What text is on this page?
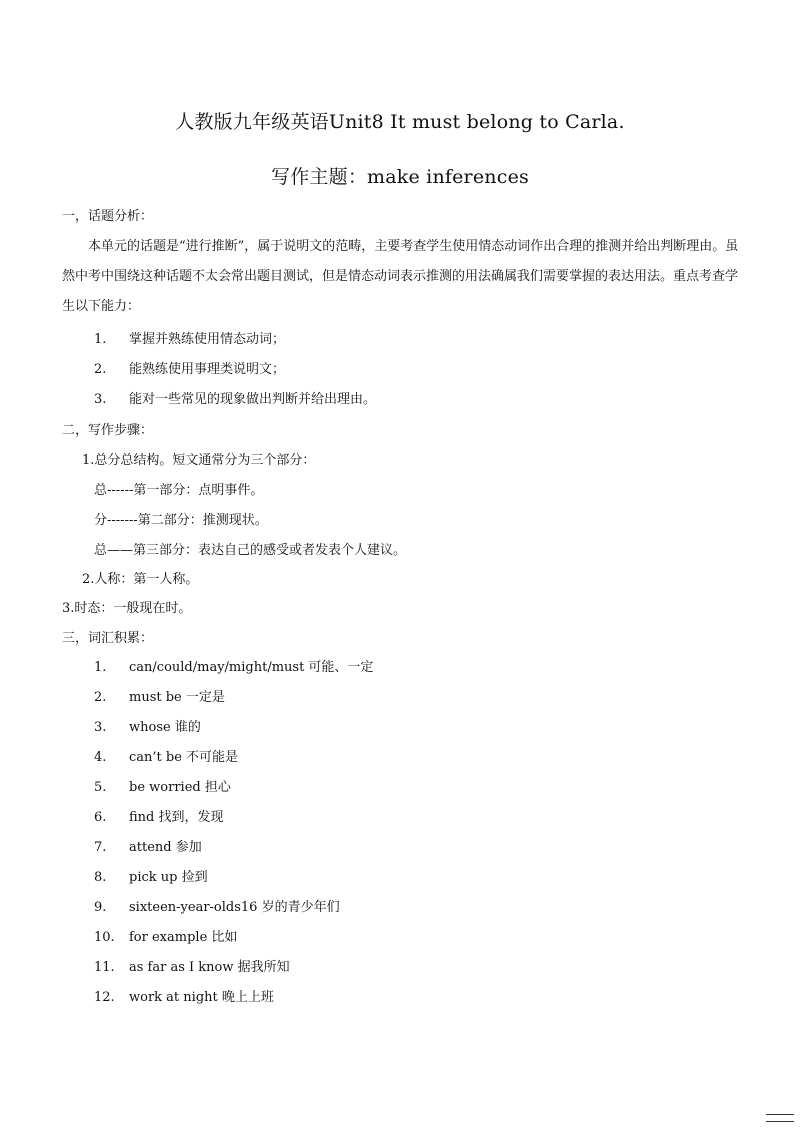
人教版九年级英语Unit8 It must belong to Carla.
写作主题：make inferences
一，话题分析：
本单元的话题是“进行推断”，属于说明文的范畴，主要考查学生使用情态动词作出合理的推测并给出判断理由。虽然中考中围绕这种话题不太会常出题目测试，但是情态动词表示推测的用法确属我们需要掌握的表达用法。重点考查学生以下能力：
1. 掌握并熟练使用情态动词；
2. 能熟练使用事理类说明文；
3. 能对一些常见的现象做出判断并给出理由。
二，写作步骤：
1.总分总结构。短文通常分为三个部分：
总------第一部分：点明事件。
分-------第二部分：推测现状。
总——第三部分：表达自己的感受或者发表个人建议。
2.人称：第一人称。
3.时态：一般现在时。
三，词汇积累：
1. can/could/may/might/must 可能、一定
2. must be 一定是
3. whose 谁的
4. can’t be 不可能是
5. be worried 担心
6. find 找到，发现
7. attend 参加
8. pick up 捡到
9. sixteen-year-olds16 岁的青少年们
10. for example 比如
11. as far as I know 据我所知
12. work at night 晚上上班
